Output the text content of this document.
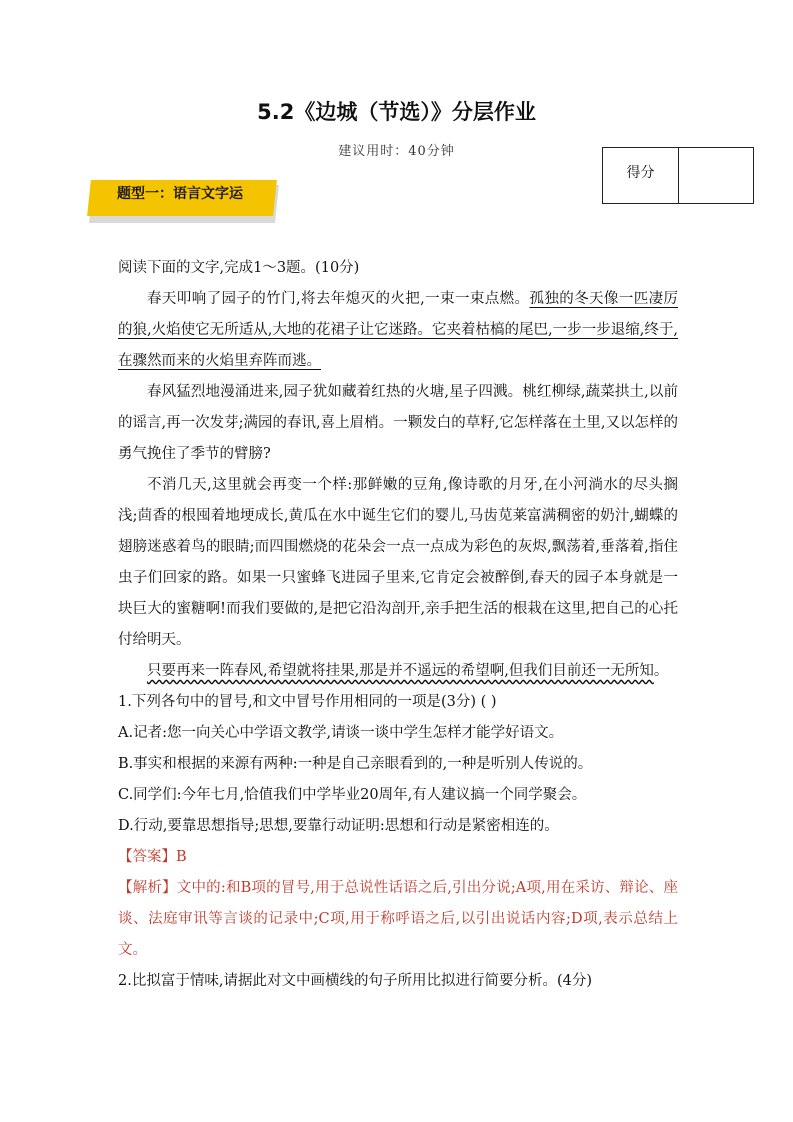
5.2《边城（节选）》分层作业
建议用时：40分钟
得分
题型一：语言文字运

阅读下面的文字,完成1～3题。(10分)

春天叩响了园子的竹门,将去年熄灭的火把,一束一束点燃。孤独的冬天像一匹凄厉的狼,火焰使它无所适从,大地的花裙子让它迷路。它夹着枯槁的尾巴,一步一步退缩,终于,在骤然而来的火焰里弃阵而逃。

春风猛烈地漫涌进来,园子犹如藏着红热的火塘,星子四溅。桃红柳绿,蔬菜拱土,以前的谣言,再一次发芽;满园的春讯,喜上眉梢。一颗发白的草籽,它怎样落在土里,又以怎样的勇气挽住了季节的臂膀?

不消几天,这里就会再变一个样:那鲜嫩的豆角,像诗歌的月牙,在小河淌水的尽头搁浅;茴香的根囤着地埂成长,黄瓜在水中诞生它们的婴儿,马齿苋莱富满稠密的奶汁,蝴蝶的翅膀迷惑着鸟的眼睛;而四围燃烧的花朵会一点一点成为彩色的灰烬,飘荡着,垂落着,指住虫子们回家的路。如果一只蜜蜂飞进园子里来,它肯定会被醉倒,春天的园子本身就是一块巨大的蜜糖啊!而我们要做的,是把它沿沟剖开,亲手把生活的根栽在这里,把自己的心托付给明天。

只要再来一阵春风,希望就将挂果,那是并不遥远的希望啊,但我们目前还一无所知。

1.下列各句中的冒号,和文中冒号作用相同的一项是(3分) ( )

A.记者:您一向关心中学语文教学,请谈一谈中学生怎样才能学好语文。

B.事实和根据的来源有两种:一种是自己亲眼看到的,一种是听别人传说的。

C.同学们:今年七月,恰值我们中学毕业20周年,有人建议搞一个同学聚会。

D.行动,要靠思想指导;思想,要靠行动证明:思想和行动是紧密相连的。

【答案】B

【解析】文中的:和B项的冒号,用于总说性话语之后,引出分说;A项,用在采访、辩论、座谈、法庭审讯等言谈的记录中;C项,用于称呼语之后,以引出说话内容;D项,表示总结上文。

2.比拟富于情味,请据此对文中画横线的句子所用比拟进行简要分析。(4分)
